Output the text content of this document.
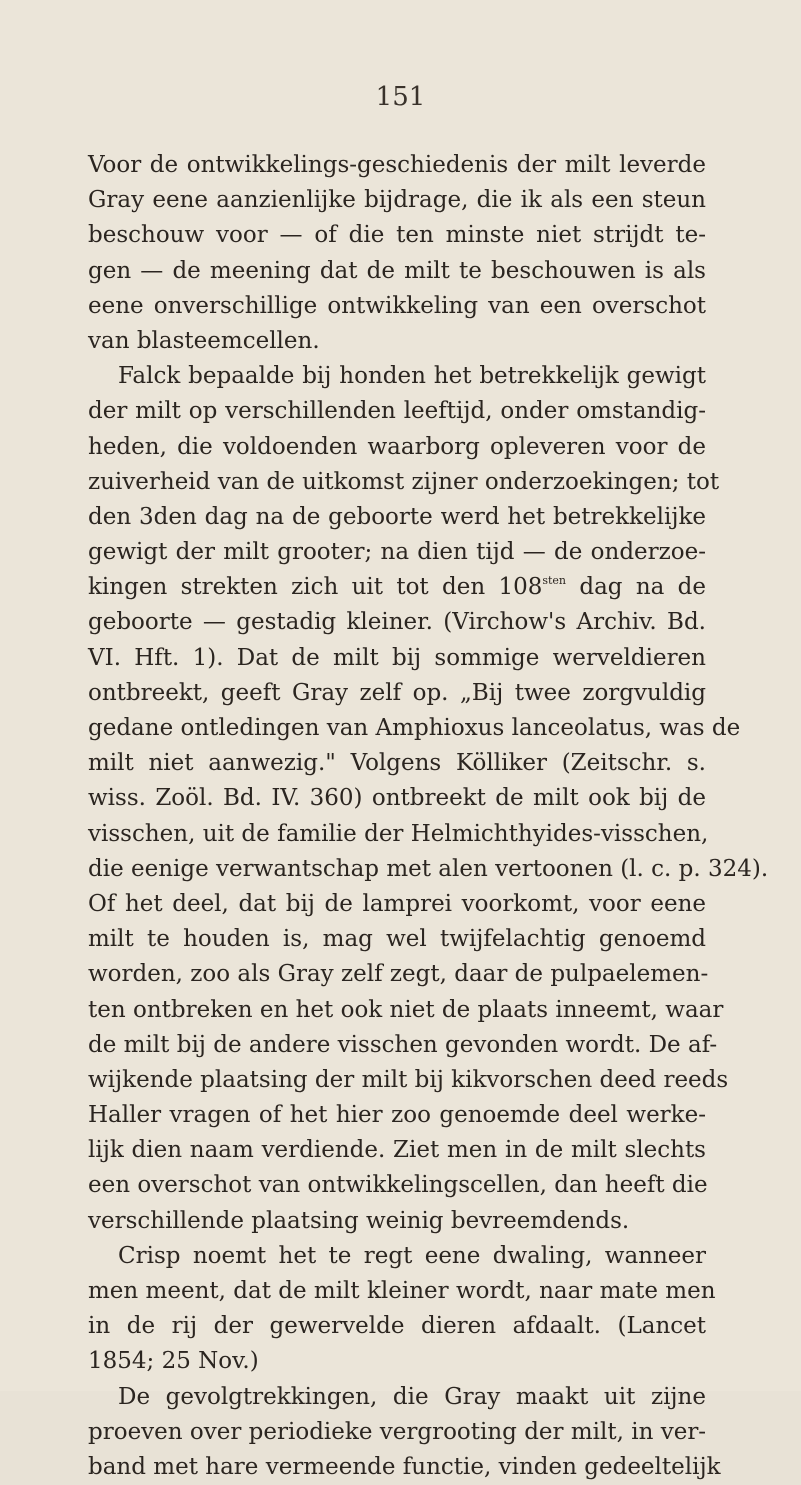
151
Voor de ontwikkelings-geschiedenis der milt leverde
Gray eene aanzienlijke bijdrage, die ik als een steun
beschouw voor — of die ten minste niet strijdt te-
gen — de meening dat de milt te beschouwen is als
eene onverschillige ontwikkeling van een overschot
van blasteemcellen.
Falck bepaalde bij honden het betrekkelijk gewigt
der milt op verschillenden leeftijd, onder omstandig-
heden, die voldoenden waarborg opleveren voor de
zuiverheid van de uitkomst zijner onderzoekingen; tot
den 3den dag na de geboorte werd het betrekkelijke
gewigt der milt grooter; na dien tijd — de onderzoe-
kingen strekten zich uit tot den $108^{sten}$ dag na de
geboorte — gestadig kleiner. (Virchow's Archiv. Bd.
VI. Hft. 1). Dat de milt bij sommige werveldieren
ontbreekt, geeft Gray zelf op. „Bij twee zorgvuldig
gedane ontledingen van Amphioxus lanceolatus, was de
milt niet aanwezig." Volgens Kölliker (Zeitschr. s.
wiss. Zoöl. Bd. IV. 360) ontbreekt de milt ook bij de
visschen, uit de familie der Helmichthyides-visschen,
die eenige verwantschap met alen vertoonen (l. c. p. 324).
Of het deel, dat bij de lamprei voorkomt, voor eene
milt te houden is, mag wel twijfelachtig genoemd
worden, zoo als Gray zelf zegt, daar de pulpaelemen-
ten ontbreken en het ook niet de plaats inneemt, waar
de milt bij de andere visschen gevonden wordt. De af-
wijkende plaatsing der milt bij kikvorschen deed reeds
Haller vragen of het hier zoo genoemde deel werke-
lijk dien naam verdiende. Ziet men in de milt slechts
een overschot van ontwikkelingscellen, dan heeft die
verschillende plaatsing weinig bevreemdends.
Crisp noemt het te regt eene dwaling, wanneer
men meent, dat de milt kleiner wordt, naar mate men
in de rij der gewervelde dieren afdaalt. (Lancet
1854; 25 Nov.)
De gevolgtrekkingen, die Gray maakt uit zijne
proeven over periodieke vergrooting der milt, in ver-
band met hare vermeende functie, vinden gedeeltelijk
